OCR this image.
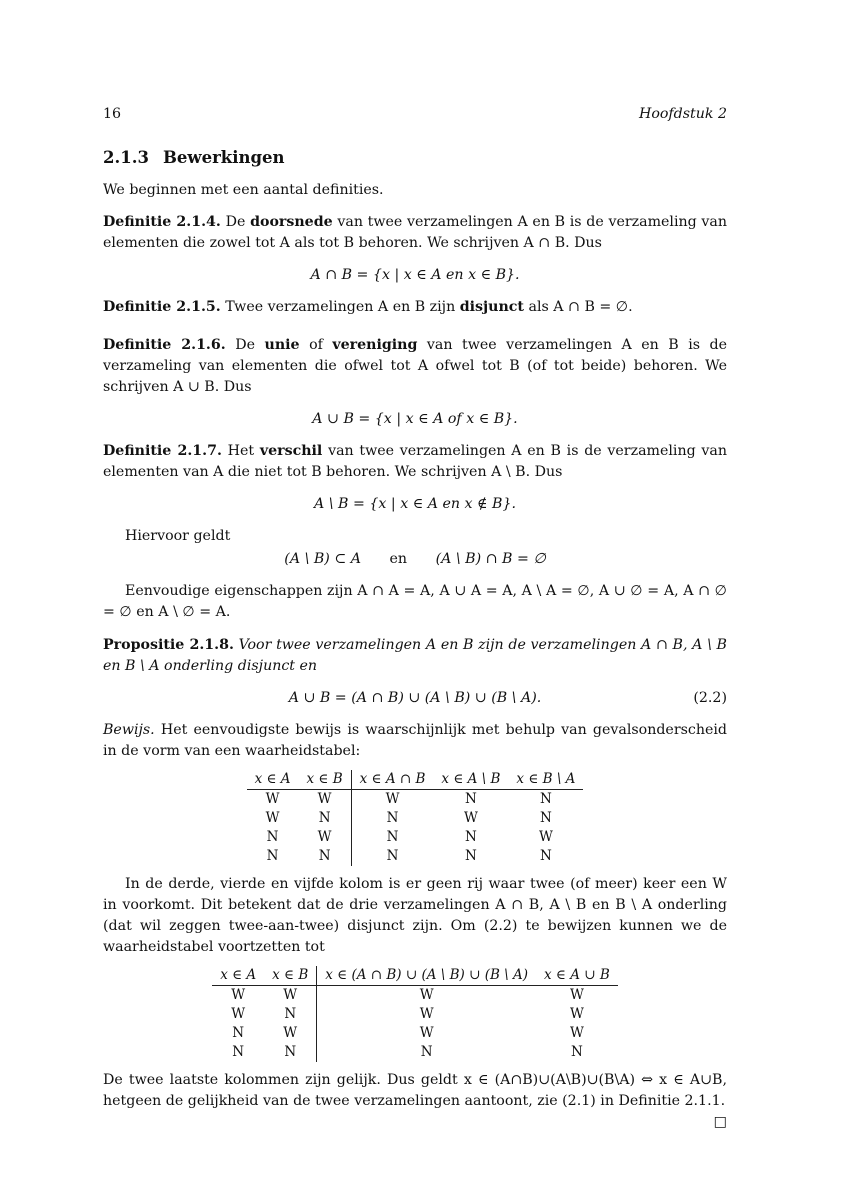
16	Hoofdstuk 2
2.1.3 Bewerkingen

We beginnen met een aantal definities.

Definitie 2.1.4. De doorsnede van twee verzamelingen A en B is de verzameling van elementen die zowel tot A als tot B behoren. We schrijven A ∩ B. Dus

A ∩ B = {x | x ∈ A en x ∈ B}.

Definitie 2.1.5. Twee verzamelingen A en B zijn disjunct als A ∩ B = ∅.

Definitie 2.1.6. De unie of vereniging van twee verzamelingen A en B is de verzameling van elementen die ofwel tot A ofwel tot B (of tot beide) behoren. We schrijven A ∪ B. Dus

A ∪ B = {x | x ∈ A of x ∈ B}.

Definitie 2.1.7. Het verschil van twee verzamelingen A en B is de verzameling van elementen van A die niet tot B behoren. We schrijven A \ B. Dus

A \ B = {x | x ∈ A en x ∉ B}.

Hiervoor geldt

(A \ B) ⊂ A en (A \ B) ∩ B = ∅

Eenvoudige eigenschappen zijn A ∩ A = A, A ∪ A = A, A \ A = ∅, A ∪ ∅ = A, A ∩ ∅ = ∅ en A \ ∅ = A.

Propositie 2.1.8. Voor twee verzamelingen A en B zijn de verzamelingen A ∩ B, A \ B en B \ A onderling disjunct en

A ∪ B = (A ∩ B) ∪ (A \ B) ∪ (B \ A).	(2.2)

Bewijs. Het eenvoudigste bewijs is waarschijnlijk met behulp van gevalsonderscheid in de vorm van een waarheidstabel:

x ∈ A	x ∈ B	x ∈ A ∩ B	x ∈ A \ B	x ∈ B \ A
W	W	W	N	N
W	N	N	W	N
N	W	N	N	W
N	N	N	N	N

In de derde, vierde en vijfde kolom is er geen rij waar twee (of meer) keer een W in voorkomt. Dit betekent dat de drie verzamelingen A ∩ B, A \ B en B \ A onderling (dat wil zeggen twee-aan-twee) disjunct zijn. Om (2.2) te bewijzen kunnen we de waarheidstabel voortzetten tot

x ∈ A	x ∈ B	x ∈ (A ∩ B) ∪ (A \ B) ∪ (B \ A)	x ∈ A ∪ B
W	W	W	W
W	N	W	W
N	W	W	W
N	N	N	N

De twee laatste kolommen zijn gelijk. Dus geldt x ∈ (A∩B)∪(A\B)∪(B\A) ⇔ x ∈ A∪B, hetgeen de gelijkheid van de twee verzamelingen aantoont, zie (2.1) in Definitie 2.1.1.
□
